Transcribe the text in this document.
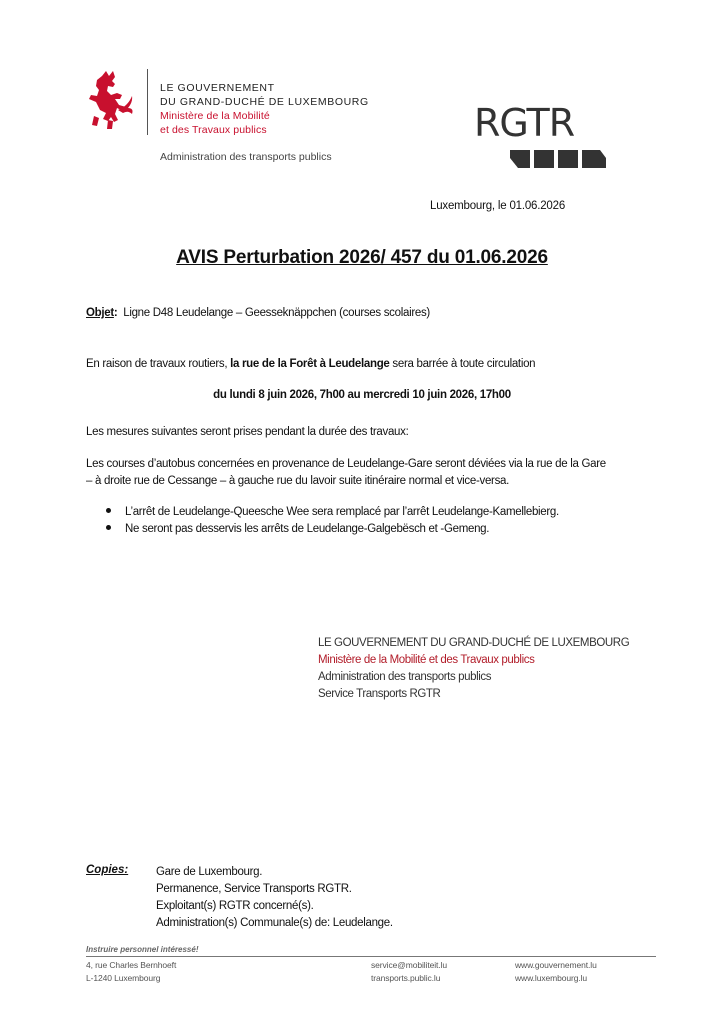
LE GOUVERNEMENT
DU GRAND-DUCHÉ DE LUXEMBOURG
Ministère de la Mobilité
et des Travaux publics
Administration des transports publics
RGTR
Luxembourg, le 01.06.2026
AVIS Perturbation 2026/ 457 du 01.06.2026
Objet: Ligne D48 Leudelange – Geesseknäppchen (courses scolaires)
En raison de travaux routiers, la rue de la Forêt à Leudelange sera barrée à toute circulation
du lundi 8 juin 2026, 7h00 au mercredi 10 juin 2026, 17h00
Les mesures suivantes seront prises pendant la durée des travaux:
Les courses d’autobus concernées en provenance de Leudelange-Gare seront déviées via la rue de la Gare
– à droite rue de Cessange – à gauche rue du lavoir suite itinéraire normal et vice-versa.
L’arrêt de Leudelange-Queesche Wee sera remplacé par l’arrêt Leudelange-Kamellebierg.
Ne seront pas desservis les arrêts de Leudelange-Galgebësch et -Gemeng.
LE GOUVERNEMENT DU GRAND-DUCHÉ DE LUXEMBOURG
Ministère de la Mobilité et des Travaux publics
Administration des transports publics
Service Transports RGTR
Copies: Gare de Luxembourg.
Permanence, Service Transports RGTR.
Exploitant(s) RGTR concerné(s).
Administration(s) Communale(s) de: Leudelange.
Instruire personnel intéressé!
4, rue Charles Bernhoeft
L-1240 Luxembourg
service@mobiliteit.lu
transports.public.lu
www.gouvernement.lu
www.luxembourg.lu
